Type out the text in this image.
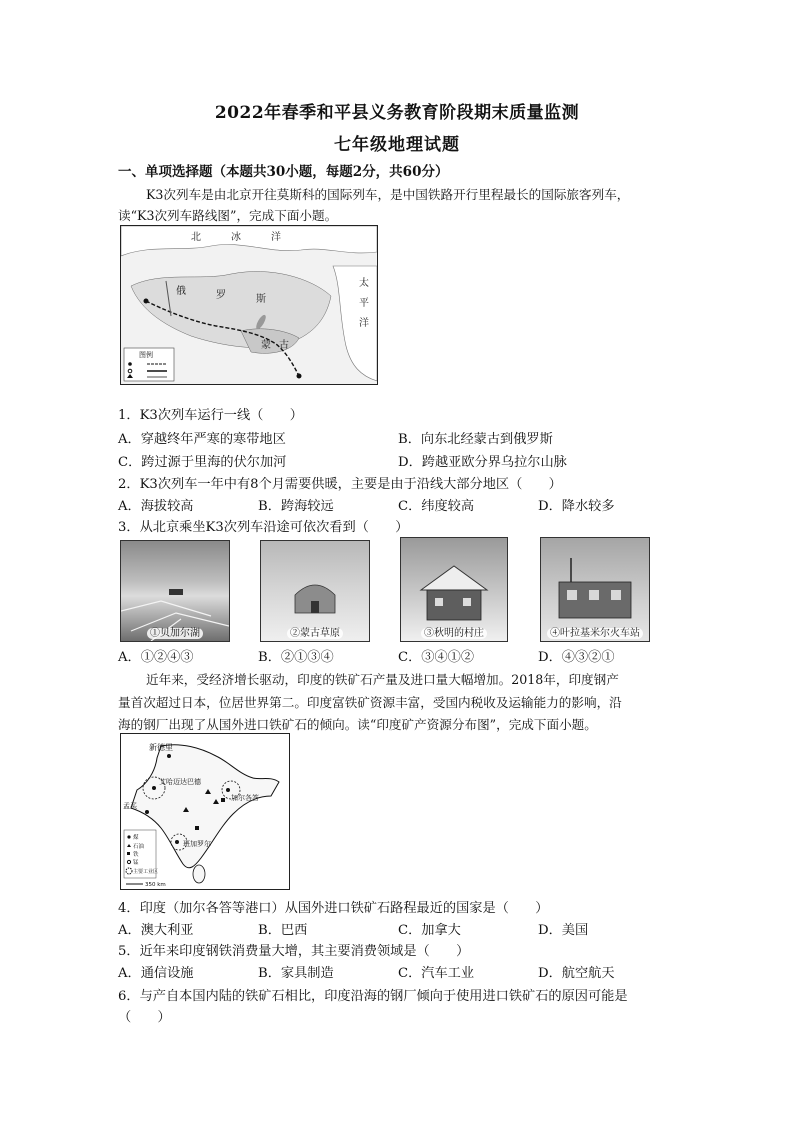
2022年春季和平县义务教育阶段期末质量监测
七年级地理试题
一、单项选择题（本题共30小题，每题2分，共60分）
K3次列车是由北京开往莫斯科的国际列车，是中国铁路开行里程最长的国际旅客列车，
读“K3次列车路线图”，完成下面小题。
北	冰	洋
太
平
洋
俄	罗	斯
蒙 古
图例
1．K3次列车运行一线（　　）
A．穿越终年严寒的寒带地区	B．向东北经蒙古到俄罗斯
C．跨过源于里海的伏尔加河	D．跨越亚欧分界乌拉尔山脉
2．K3次列车一年中有8个月需要供暖，主要是由于沿线大部分地区（　　）
A．海拔较高	B．跨海较远	C．纬度较高	D．降水较多
3．从北京乘坐K3次列车沿途可依次看到（　　）
①贝加尔湖	②蒙古草原	③秋明的村庄	④叶拉基米尔火车站
A．①②④③	B．②①③④	C．③④①②	D．④③②①
近年来，受经济增长驱动，印度的铁矿石产量及进口量大幅增加。2018年，印度钢产
量首次超过日本，位居世界第二。印度富铁矿资源丰富，受国内税收及运输能力的影响，沿
海的钢厂出现了从国外进口铁矿石的倾向。读“印度矿产资源分布图”，完成下面小题。
新德里
艾哈迈达巴德
加尔各答
孟买
班加罗尔
煤
石油
铁
锰
主要工业区
350 km
4．印度（加尔各答等港口）从国外进口铁矿石路程最近的国家是（　　）
A．澳大利亚	B．巴西	C．加拿大	D．美国
5．近年来印度钢铁消费量大增，其主要消费领域是（　　）
A．通信设施	B．家具制造	C．汽车工业	D．航空航天
6．与产自本国内陆的铁矿石相比，印度沿海的钢厂倾向于使用进口铁矿石的原因可能是
（　　）
